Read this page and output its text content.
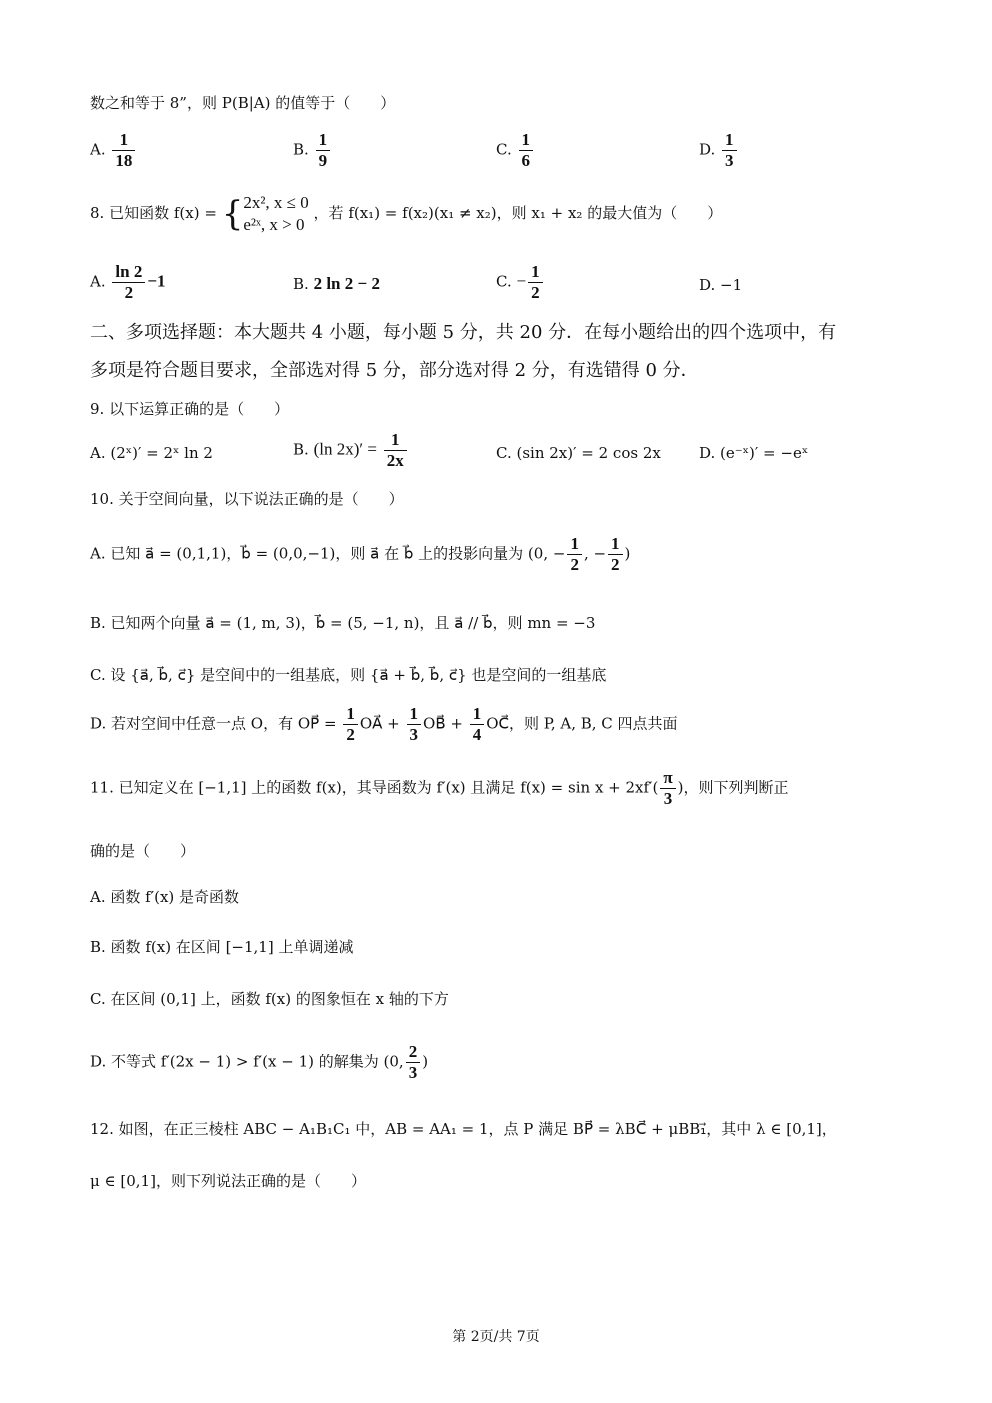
数之和等于 8”，则 P(B|A) 的值等于（　　）
A. $\frac{1}{18}$	B. $\frac{1}{9}$	C. $\frac{1}{6}$	D. $\frac{1}{3}$
8. 已知函数 f(x) = { 2x², x ≤ 0
e²ˣ, x > 0
，若 f(x₁) = f(x₂)(x₁ ≠ x₂)，则 x₁ + x₂ 的最大值为（　　）
A. $\frac{\ln 2}{2} -1$	B. 2 ln 2 − 2	C. − $\frac{1}{2}$	D. −1
二、多项选择题：本大题共 4 小题，每小题 5 分，共 20 分．在每小题给出的四个选项中，有
多项是符合题目要求，全部选对得 5 分，部分选对得 2 分，有选错得 0 分．
9. 以下运算正确的是（　　）
A. (2ˣ)′ = 2ˣ ln 2	B. (ln $2x)' = \frac{1}{2x}$	C. (sin 2x)′ = 2 cos 2x	D. (e⁻ˣ)′ = −eˣ
10. 关于空间向量，以下说法正确的是（　　）
A. 已知 a⃗ = (0,1,1)，b⃗ = (0,0,−1)，则 a⃗ 在 b⃗ 上的投影向量为 (0, − $\frac{1}{2}$ , − $\frac{1}{2}$ )
B. 已知两个向量 a⃗ = (1, m, 3)，b⃗ = (5, −1, n)，且 a⃗ // b⃗，则 mn = −3
C. 设 {a⃗, b⃗, c⃗} 是空间中的一组基底，则 {a⃗ + b⃗, b⃗, c⃗} 也是空间的一组基底
D. 若对空间中任意一点 O，有 OP⃗ = $\frac{1}{2}$ OA⃗ + $\frac{1}{3}$ OB⃗ + $\frac{1}{4}$ OC⃗，则 P, A, B, C 四点共面
11. 已知定义在 [−1,1] 上的函数 f(x)，其导函数为 f′(x) 且满足 $f(x) = \sin x + 2xf'( \frac{\pi}{3}$ )，则下列判断正
确的是（　　）
A. 函数 f′(x) 是奇函数
B. 函数 f(x) 在区间 [−1,1] 上单调递减
C. 在区间 (0,1] 上，函数 f(x) 的图象恒在 x 轴的下方
D. 不等式 f′(2x − 1) > f′(x − 1) 的解集为 (0, $\frac{2}{3}$ )
12. 如图，在正三棱柱 ABC − A₁B₁C₁ 中，AB = AA₁ = 1，点 P 满足 BP⃗ = λBC⃗ + μBB₁⃗，其中 λ ∈ [0,1]，
μ ∈ [0,1]，则下列说法正确的是（　　）
第 2页/共 7页
